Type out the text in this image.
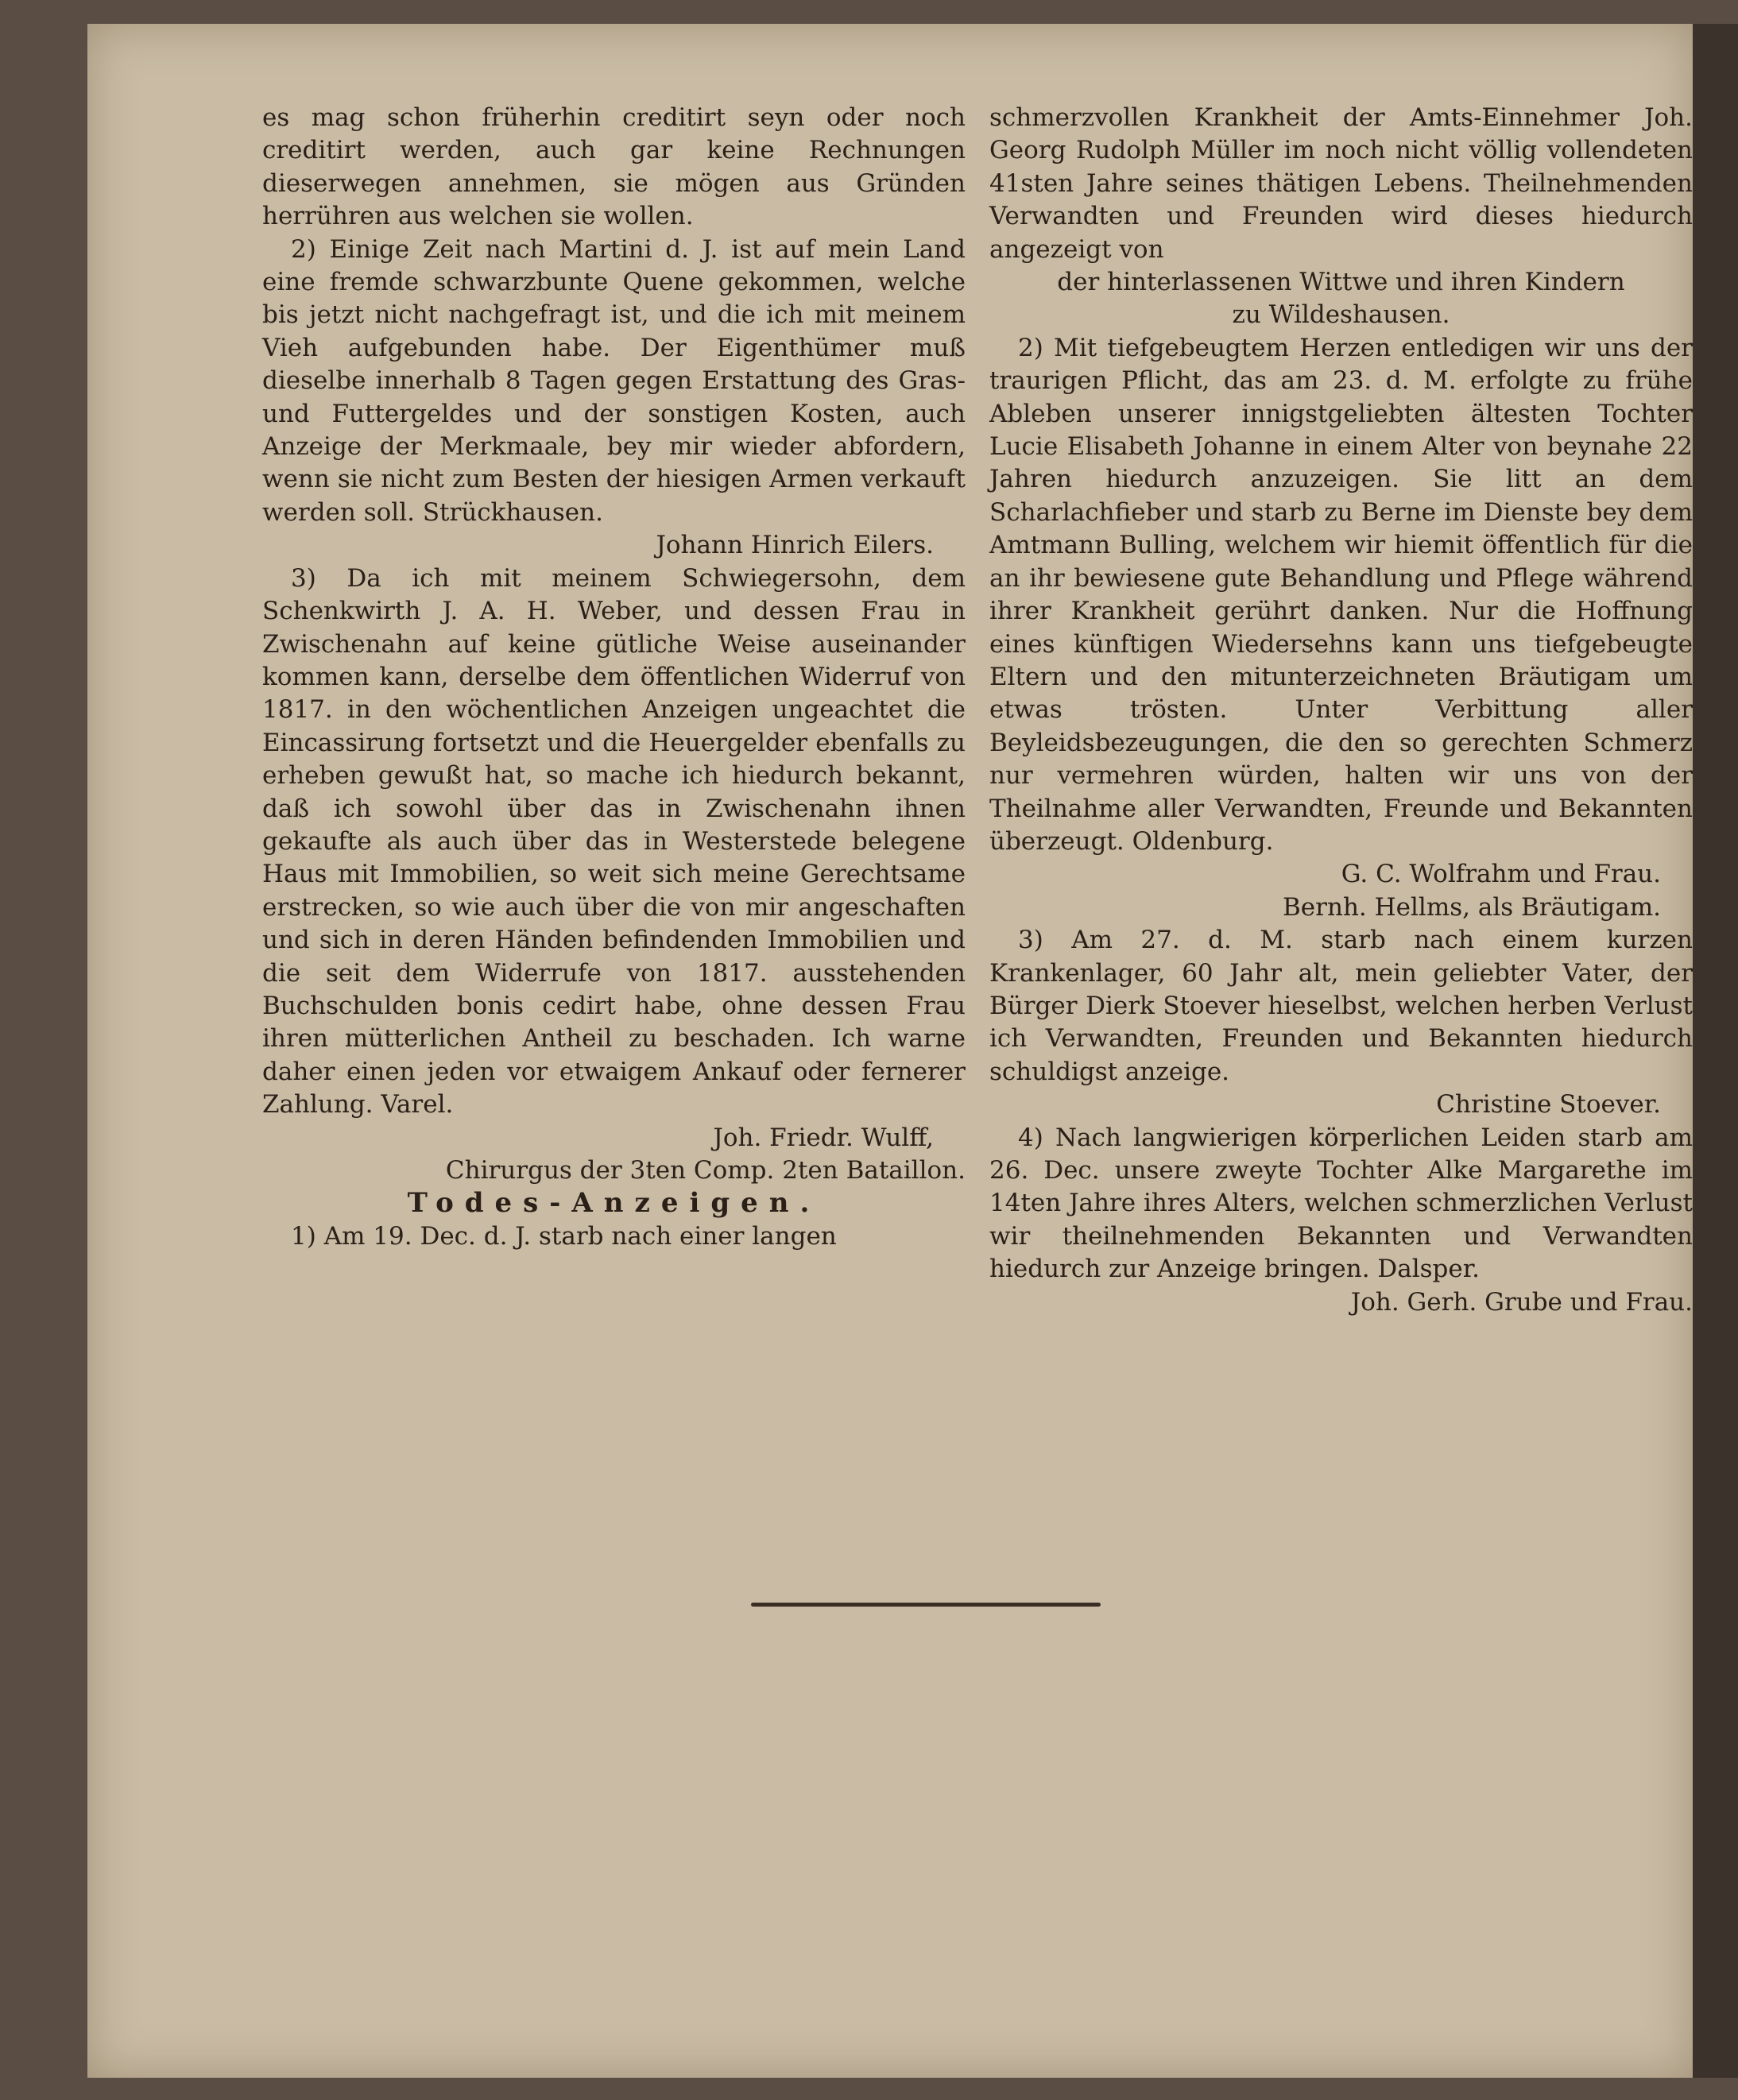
es mag schon früherhin creditirt seyn oder noch creditirt werden, auch gar keine Rechnungen dieserwegen annehmen, sie mögen aus Gründen herrühren aus welchen sie wollen.

2) Einige Zeit nach Martini d. J. ist auf mein Land eine fremde schwarzbunte Quene gekommen, welche bis jetzt nicht nachgefragt ist, und die ich mit meinem Vieh aufgebunden habe. Der Eigenthümer muß dieselbe innerhalb 8 Tagen gegen Erstattung des Gras- und Futtergeldes und der sonstigen Kosten, auch Anzeige der Merkmaale, bey mir wieder abfordern, wenn sie nicht zum Besten der hiesigen Armen verkauft werden soll. Strückhausen.

Johann Hinrich Eilers.

3) Da ich mit meinem Schwiegersohn, dem Schenkwirth J. A. H. Weber, und dessen Frau in Zwischenahn auf keine gütliche Weise auseinander kommen kann, derselbe dem öffentlichen Widerruf von 1817. in den wöchentlichen Anzeigen ungeachtet die Eincassirung fortsetzt und die Heuergelder ebenfalls zu erheben gewußt hat, so mache ich hiedurch bekannt, daß ich sowohl über das in Zwischenahn ihnen gekaufte als auch über das in Westerstede belegene Haus mit Immobilien, so weit sich meine Gerechtsame erstrecken, so wie auch über die von mir angeschaften und sich in deren Händen befindenden Immobilien und die seit dem Widerrufe von 1817. ausstehenden Buchschulden bonis cedirt habe, ohne dessen Frau ihren mütterlichen Antheil zu beschaden. Ich warne daher einen jeden vor etwaigem Ankauf oder fernerer Zahlung. Varel.

Joh. Friedr. Wulff,

Chirurgus der 3ten Comp. 2ten Bataillon.

Todes-Anzeigen.

1) Am 19. Dec. d. J. starb nach einer langen

schmerzvollen Krankheit der Amts-Einnehmer Joh. Georg Rudolph Müller im noch nicht völlig vollendeten 41sten Jahre seines thätigen Lebens. Theilnehmenden Verwandten und Freunden wird dieses hiedurch angezeigt von

der hinterlassenen Wittwe und ihren Kindern

zu Wildeshausen.

2) Mit tiefgebeugtem Herzen entledigen wir uns der traurigen Pflicht, das am 23. d. M. erfolgte zu frühe Ableben unserer innigstgeliebten ältesten Tochter Lucie Elisabeth Johanne in einem Alter von beynahe 22 Jahren hiedurch anzuzeigen. Sie litt an dem Scharlachfieber und starb zu Berne im Dienste bey dem Amtmann Bulling, welchem wir hiemit öffentlich für die an ihr bewiesene gute Behandlung und Pflege während ihrer Krankheit gerührt danken. Nur die Hoffnung eines künftigen Wiedersehns kann uns tiefgebeugte Eltern und den mitunterzeichneten Bräutigam um etwas trösten. Unter Verbittung aller Beyleidsbezeugungen, die den so gerechten Schmerz nur vermehren würden, halten wir uns von der Theilnahme aller Verwandten, Freunde und Bekannten überzeugt. Oldenburg.

G. C. Wolfrahm und Frau.

Bernh. Hellms, als Bräutigam.

3) Am 27. d. M. starb nach einem kurzen Krankenlager, 60 Jahr alt, mein geliebter Vater, der Bürger Dierk Stoever hieselbst, welchen herben Verlust ich Verwandten, Freunden und Bekannten hiedurch schuldigst anzeige.

Christine Stoever.

4) Nach langwierigen körperlichen Leiden starb am 26. Dec. unsere zweyte Tochter Alke Margarethe im 14ten Jahre ihres Alters, welchen schmerzlichen Verlust wir theilnehmenden Bekannten und Verwandten hiedurch zur Anzeige bringen. Dalsper.

Joh. Gerh. Grube und Frau.
